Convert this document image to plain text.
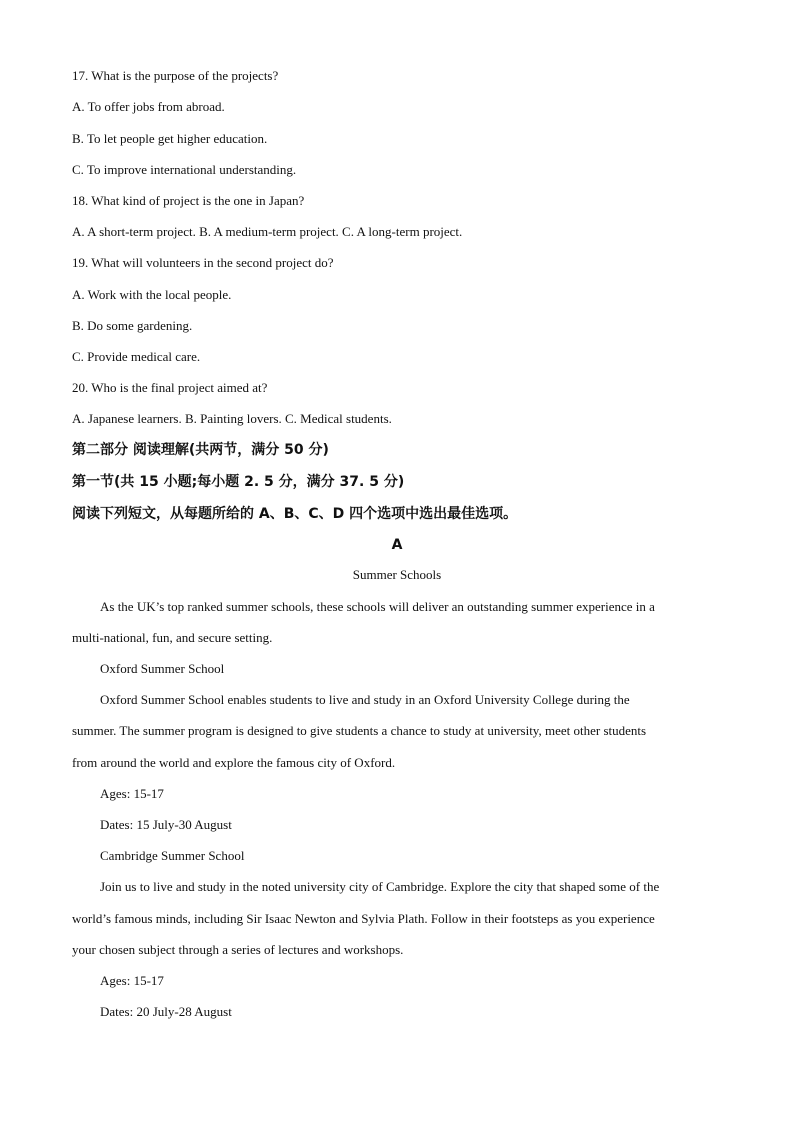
17. What is the purpose of the projects?
A. To offer jobs from abroad.
B. To let people get higher education.
C. To improve international understanding.
18. What kind of project is the one in Japan?
A. A short-term project. B. A medium-term project. C. A long-term project.
19. What will volunteers in the second project do?
A. Work with the local people.
B. Do some gardening.
C. Provide medical care.
20. Who is the final project aimed at?
A. Japanese learners. B. Painting lovers. C. Medical students.
第二部分 阅读理解(共两节，满分 50 分)
第一节(共 15 小题;每小题 2. 5 分，满分 37. 5 分)
阅读下列短文，从每题所给的 A、B、C、D 四个选项中选出最佳选项。
A
Summer Schools
As the UK’s top ranked summer schools, these schools will deliver an outstanding summer experience in a
multi-national, fun, and secure setting.
Oxford Summer School
Oxford Summer School enables students to live and study in an Oxford University College during the
summer. The summer program is designed to give students a chance to study at university, meet other students
from around the world and explore the famous city of Oxford.
Ages: 15-17
Dates: 15 July-30 August
Cambridge Summer School
Join us to live and study in the noted university city of Cambridge. Explore the city that shaped some of the
world’s famous minds, including Sir Isaac Newton and Sylvia Plath. Follow in their footsteps as you experience
your chosen subject through a series of lectures and workshops.
Ages: 15-17
Dates: 20 July-28 August
